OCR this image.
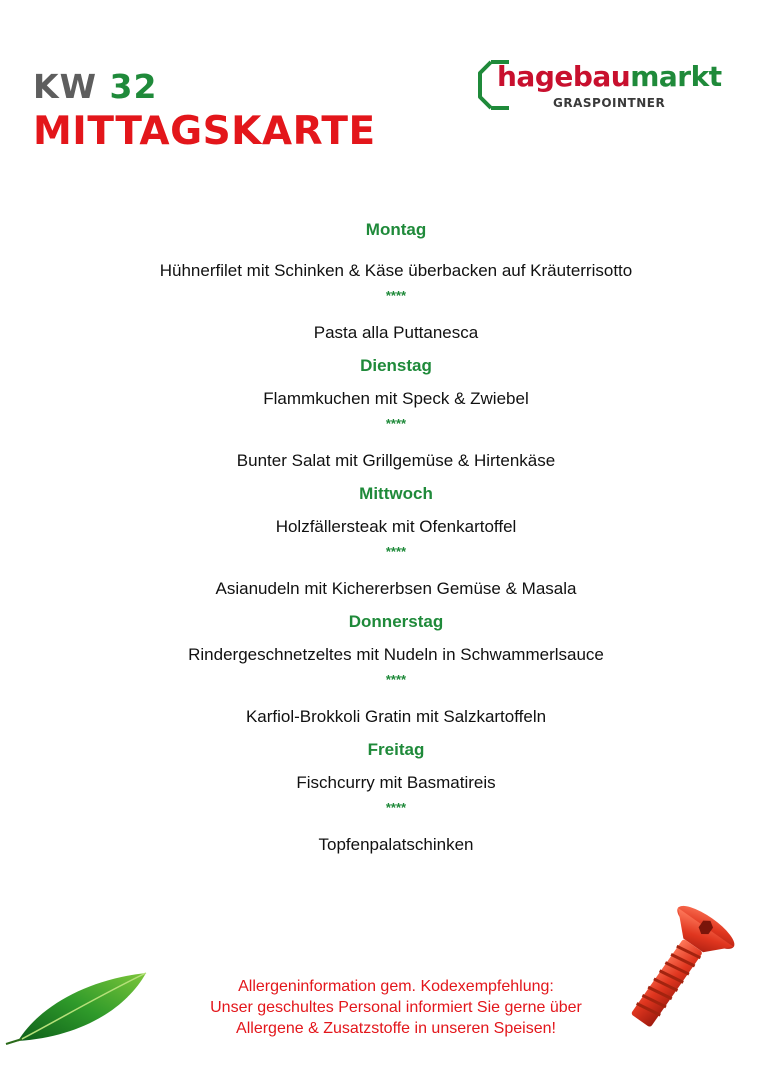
KW 32
MITTAGSKARTE
hagebaumarkt
GRASPOINTNER
Montag
Hühnerfilet mit Schinken & Käse überbacken auf Kräuterrisotto
****
Pasta alla Puttanesca
Dienstag
Flammkuchen mit Speck & Zwiebel
****
Bunter Salat mit Grillgemüse & Hirtenkäse
Mittwoch
Holzfällersteak mit Ofenkartoffel
****
Asianudeln mit Kichererbsen Gemüse & Masala
Donnerstag
Rindergeschnetzeltes mit Nudeln in Schwammerlsauce
****
Karfiol-Brokkoli Gratin mit Salzkartoffeln
Freitag
Fischcurry mit Basmatireis
****
Topfenpalatschinken
Allergeninformation gem. Kodexempfehlung:
Unser geschultes Personal informiert Sie gerne über
Allergene & Zusatzstoffe in unseren Speisen!
